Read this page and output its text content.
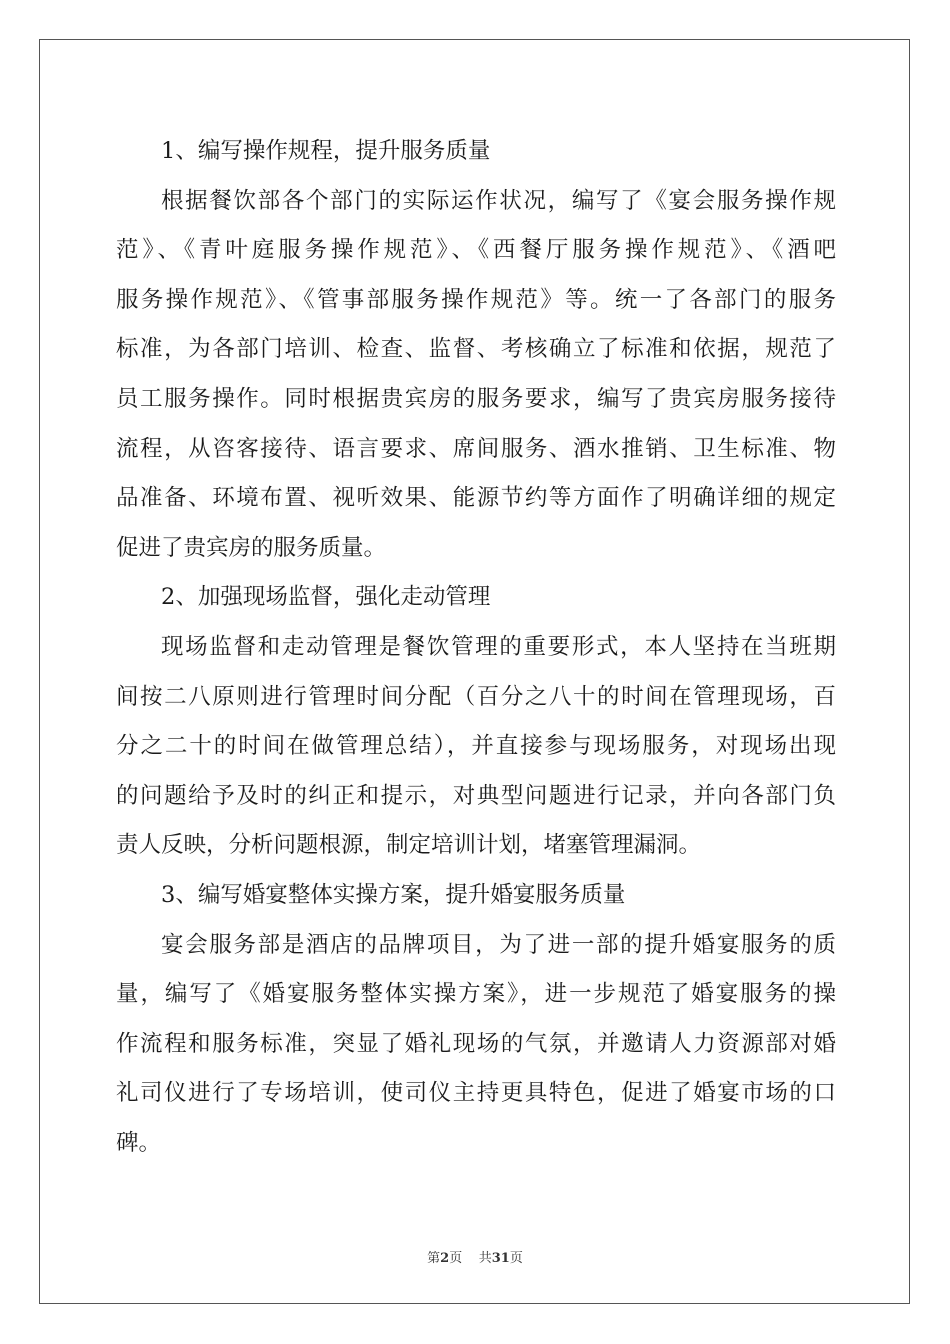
1、编写操作规程，提升服务质量
根据餐饮部各个部门的实际运作状况，编写了《宴会服务操作规
范》、《青叶庭服务操作规范》、《西餐厅服务操作规范》、《酒吧
服务操作规范》、《管事部服务操作规范》等。统一了各部门的服务
标准，为各部门培训、检查、监督、考核确立了标准和依据，规范了
员工服务操作。同时根据贵宾房的服务要求，编写了贵宾房服务接待
流程，从咨客接待、语言要求、席间服务、酒水推销、卫生标准、物
品准备、环境布置、视听效果、能源节约等方面作了明确详细的规定
促进了贵宾房的服务质量。
2、加强现场监督，强化走动管理
现场监督和走动管理是餐饮管理的重要形式，本人坚持在当班期
间按二八原则进行管理时间分配（百分之八十的时间在管理现场，百
分之二十的时间在做管理总结），并直接参与现场服务，对现场出现
的问题给予及时的纠正和提示，对典型问题进行记录，并向各部门负
责人反映，分析问题根源，制定培训计划，堵塞管理漏洞。
3、编写婚宴整体实操方案，提升婚宴服务质量
宴会服务部是酒店的品牌项目，为了进一部的提升婚宴服务的质
量，编写了《婚宴服务整体实操方案》，进一步规范了婚宴服务的操
作流程和服务标准，突显了婚礼现场的气氛，并邀请人力资源部对婚
礼司仪进行了专场培训，使司仪主持更具特色，促进了婚宴市场的口
碑。
第2页 共31页
